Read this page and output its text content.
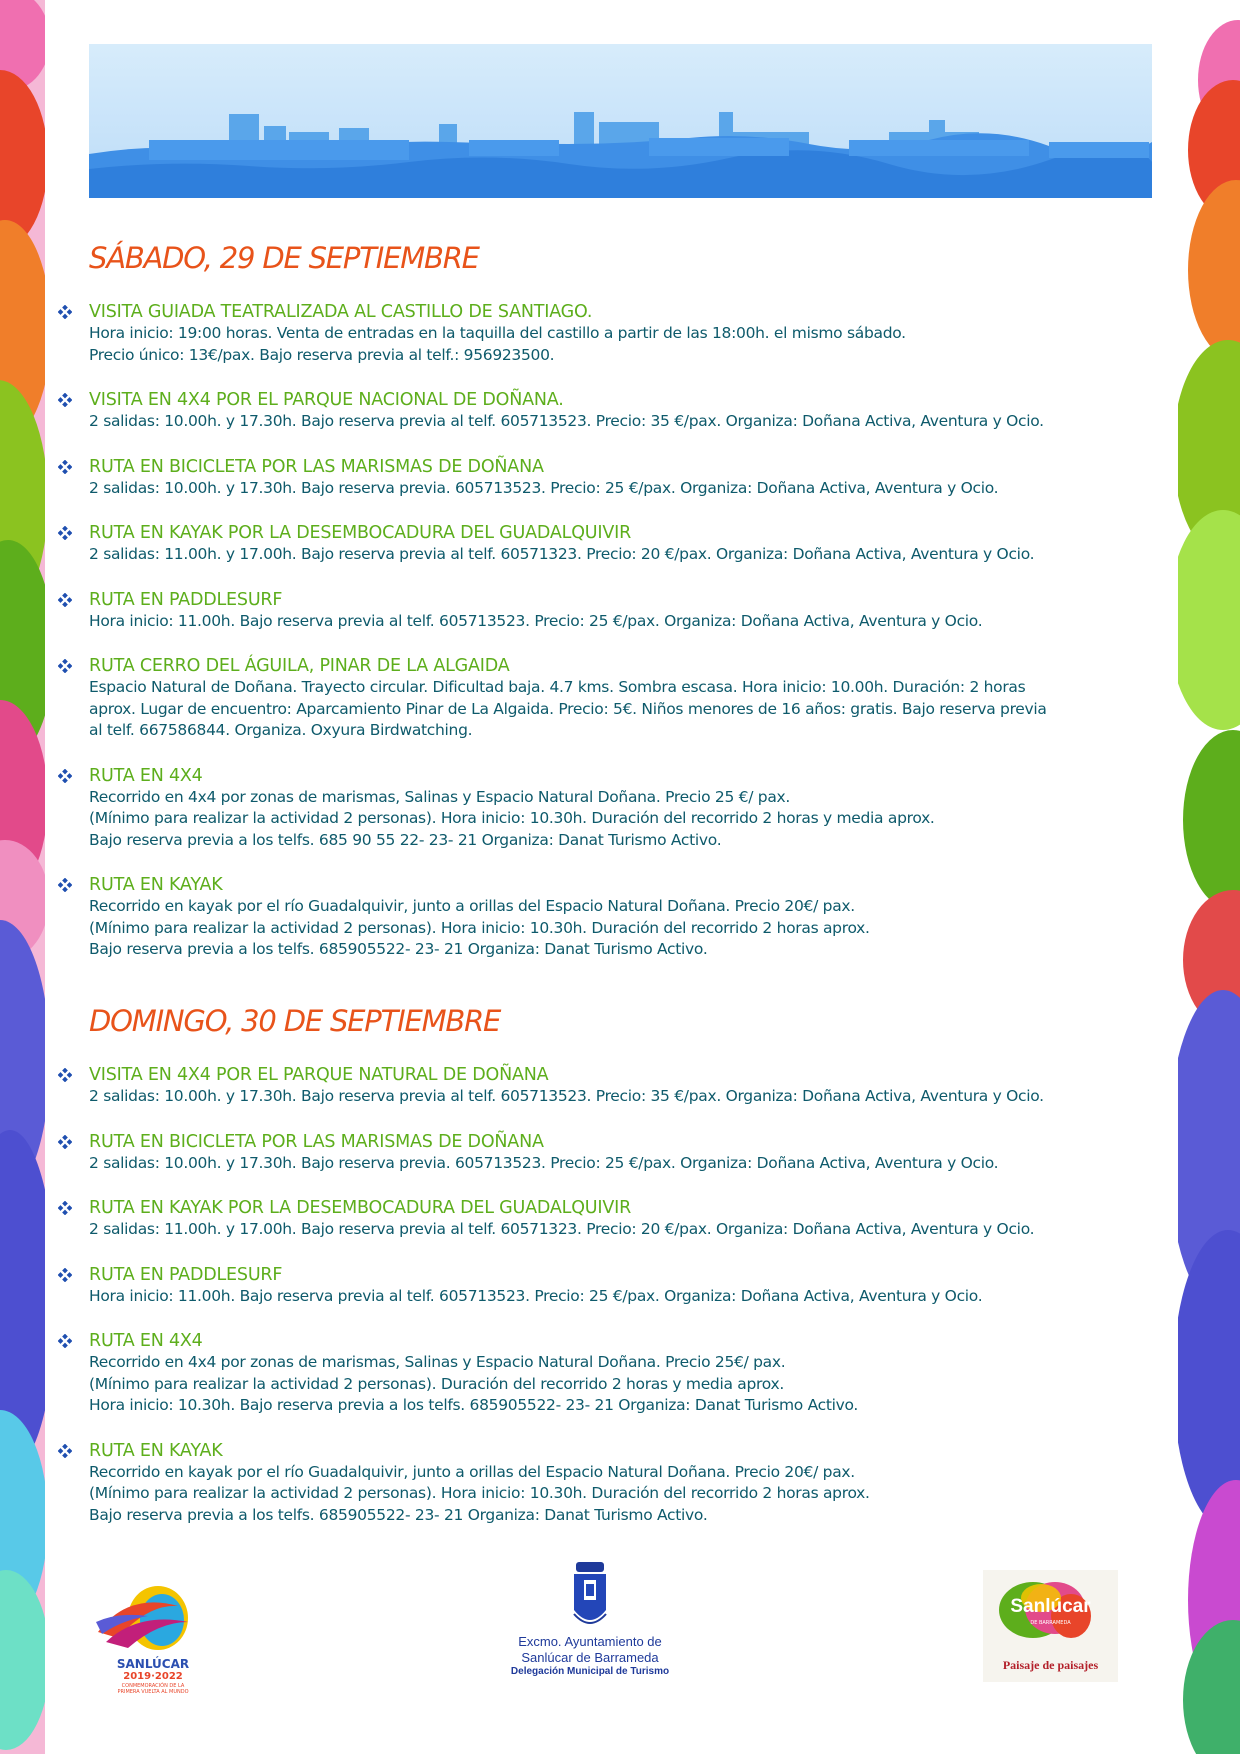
SÁBADO, 29 DE SEPTIEMBRE
VISITA GUIADA TEATRALIZADA AL CASTILLO DE SANTIAGO.
Hora inicio: 19:00 horas. Venta de entradas en la taquilla del castillo a partir de las 18:00h. el mismo sábado.
Precio único: 13€/pax. Bajo reserva previa al telf.: 956923500.
VISITA EN 4X4 POR EL PARQUE NACIONAL DE DOÑANA.
2 salidas: 10.00h. y 17.30h. Bajo reserva previa al telf. 605713523. Precio: 35 €/pax. Organiza: Doñana Activa, Aventura y Ocio.
RUTA EN BICICLETA POR LAS MARISMAS DE DOÑANA
2 salidas: 10.00h. y 17.30h. Bajo reserva previa. 605713523. Precio: 25 €/pax. Organiza: Doñana Activa, Aventura y Ocio.
RUTA EN KAYAK POR LA DESEMBOCADURA DEL GUADALQUIVIR
2 salidas: 11.00h. y 17.00h. Bajo reserva previa al telf. 60571323. Precio: 20 €/pax. Organiza: Doñana Activa, Aventura y Ocio.
RUTA EN PADDLESURF
Hora inicio: 11.00h. Bajo reserva previa al telf. 605713523. Precio: 25 €/pax. Organiza: Doñana Activa, Aventura y Ocio.
RUTA CERRO DEL ÁGUILA, PINAR DE LA ALGAIDA
Espacio Natural de Doñana. Trayecto circular. Dificultad baja. 4.7 kms. Sombra escasa. Hora inicio: 10.00h. Duración: 2 horas
aprox. Lugar de encuentro: Aparcamiento Pinar de La Algaida. Precio: 5€. Niños menores de 16 años: gratis. Bajo reserva previa
al telf. 667586844. Organiza. Oxyura Birdwatching.
RUTA EN 4X4
Recorrido en 4x4 por zonas de marismas, Salinas y Espacio Natural Doñana. Precio 25 €/ pax.
(Mínimo para realizar la actividad 2 personas). Hora inicio: 10.30h. Duración del recorrido 2 horas y media aprox.
Bajo reserva previa a los telfs. 685 90 55 22- 23- 21 Organiza: Danat Turismo Activo.
RUTA EN KAYAK
Recorrido en kayak por el río Guadalquivir, junto a orillas del Espacio Natural Doñana. Precio 20€/ pax.
(Mínimo para realizar la actividad 2 personas). Hora inicio: 10.30h. Duración del recorrido 2 horas aprox.
Bajo reserva previa a los telfs. 685905522- 23- 21 Organiza: Danat Turismo Activo.
DOMINGO, 30 DE SEPTIEMBRE
VISITA EN 4X4 POR EL PARQUE NATURAL DE DOÑANA
2 salidas: 10.00h. y 17.30h. Bajo reserva previa al telf. 605713523. Precio: 35 €/pax. Organiza: Doñana Activa, Aventura y Ocio.
RUTA EN BICICLETA POR LAS MARISMAS DE DOÑANA
2 salidas: 10.00h. y 17.30h. Bajo reserva previa. 605713523. Precio: 25 €/pax. Organiza: Doñana Activa, Aventura y Ocio.
RUTA EN KAYAK POR LA DESEMBOCADURA DEL GUADALQUIVIR
2 salidas: 11.00h. y 17.00h. Bajo reserva previa al telf. 60571323. Precio: 20 €/pax. Organiza: Doñana Activa, Aventura y Ocio.
RUTA EN PADDLESURF
Hora inicio: 11.00h. Bajo reserva previa al telf. 605713523. Precio: 25 €/pax. Organiza: Doñana Activa, Aventura y Ocio.
RUTA EN 4X4
Recorrido en 4x4 por zonas de marismas, Salinas y Espacio Natural Doñana. Precio 25€/ pax.
(Mínimo para realizar la actividad 2 personas). Duración del recorrido 2 horas y media aprox.
Hora inicio: 10.30h. Bajo reserva previa a los telfs. 685905522- 23- 21 Organiza: Danat Turismo Activo.
RUTA EN KAYAK
Recorrido en kayak por el río Guadalquivir, junto a orillas del Espacio Natural Doñana. Precio 20€/ pax.
(Mínimo para realizar la actividad 2 personas). Hora inicio: 10.30h. Duración del recorrido 2 horas aprox.
Bajo reserva previa a los telfs. 685905522- 23- 21 Organiza: Danat Turismo Activo.
SANLÚCAR
2019·2022
CONMEMORACIÓN DE LA
PRIMERA VUELTA AL MUNDO
Excmo. Ayuntamiento de
Sanlúcar de Barrameda
Delegación Municipal de Turismo
Sanlúcar
DE BARRAMEDA
Paisaje de paisajes
